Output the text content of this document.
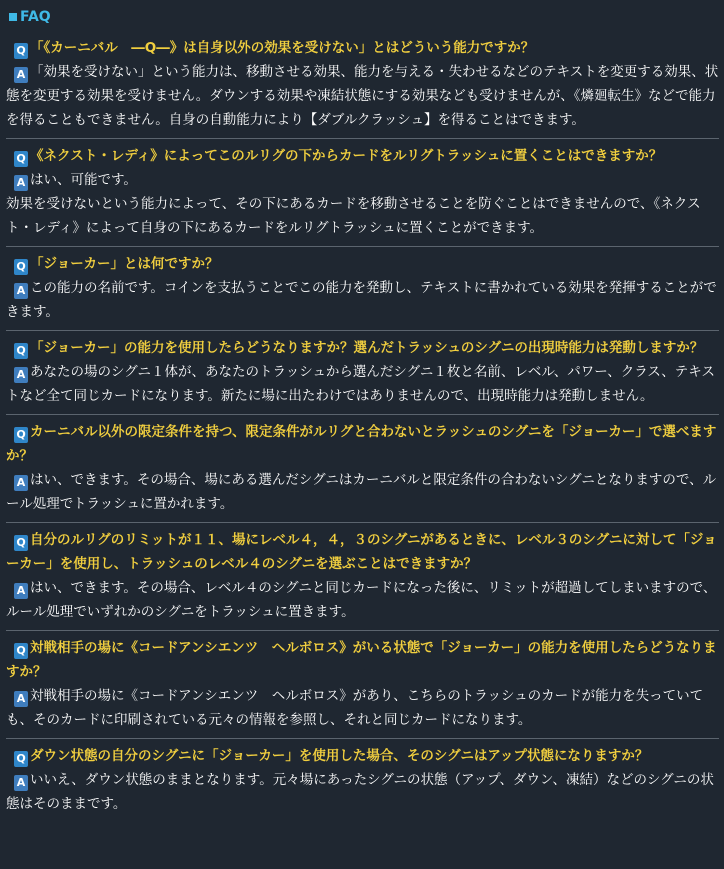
FAQ
Q 「《カーニバル　―Q―》は自身以外の効果を受けない」とはどういう能力ですか？
A 「効果を受けない」という能力は、移動させる効果、能力を与える・失わせるなどのテキストを変更する効果、状態を変更する効果を受けません。ダウンする効果や凍結状態にする効果なども受けませんが、《燐廻転生》などで能力を得ることもできません。自身の自動能力により【ダブルクラッシュ】を得ることはできます。
Q 《ネクスト・レディ》によってこのルリグの下からカードをルリグトラッシュに置くことはできますか？
A はい、可能です。
効果を受けないという能力によって、その下にあるカードを移動させることを防ぐことはできませんので、《ネクスト・レディ》によって自身の下にあるカードをルリグトラッシュに置くことができます。
Q 「ジョーカー」とは何ですか？
A この能力の名前です。コインを支払うことでこの能力を発動し、テキストに書かれている効果を発揮することができます。
Q 「ジョーカー」の能力を使用したらどうなりますか？選んだトラッシュのシグニの出現時能力は発動しますか？
A あなたの場のシグニ１体が、あなたのトラッシュから選んだシグニ１枚と名前、レベル、パワー、クラス、テキストなど全て同じカードになります。新たに場に出たわけではありませんので、出現時能力は発動しません。
Q カーニバル以外の限定条件を持つ、限定条件がルリグと合わないとラッシュのシグニを「ジョーカー」で選べますか？
A はい、できます。その場合、場にある選んだシグニはカーニバルと限定条件の合わないシグニとなりますので、ルール処理でトラッシュに置かれます。
Q 自分のルリグのリミットが１１、場にレベル４，４，３のシグニがあるときに、レベル３のシグニに対して「ジョーカー」を使用し、トラッシュのレベル４のシグニを選ぶことはできますか？
A はい、できます。その場合、レベル４のシグニと同じカードになった後に、リミットが超過してしまいますので、ルール処理でいずれかのシグニをトラッシュに置きます。
Q 対戦相手の場に《コードアンシエンツ　ヘルボロス》がいる状態で「ジョーカー」の能力を使用したらどうなりますか？
A 対戦相手の場に《コードアンシエンツ　ヘルボロス》があり、こちらのトラッシュのカードが能力を失っていても、そのカードに印刷されている元々の情報を参照し、それと同じカードになります。
Q ダウン状態の自分のシグニに「ジョーカー」を使用した場合、そのシグニはアップ状態になりますか？
A いいえ、ダウン状態のままとなります。元々場にあったシグニの状態（アップ、ダウン、凍結）などのシグニの状態はそのままです。
